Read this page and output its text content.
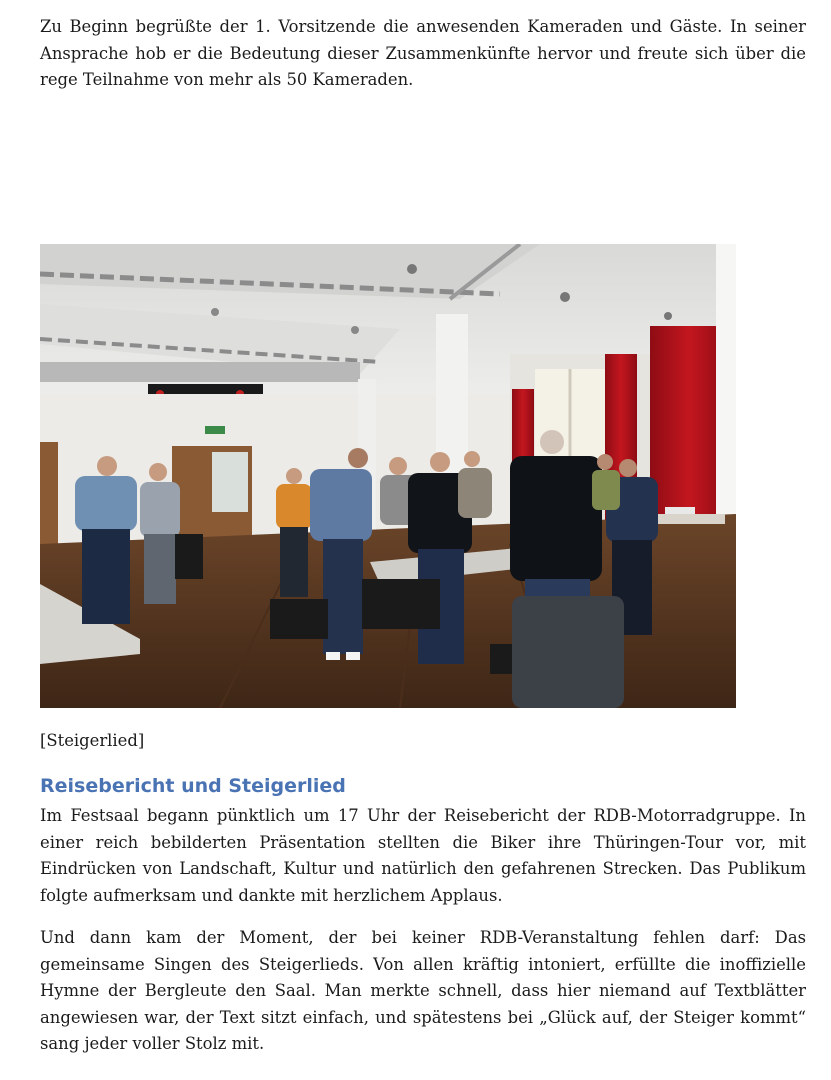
Zu Beginn begrüßte der 1. Vorsitzende die anwesenden Kameraden und Gäste. In seiner Ansprache hob er die Bedeutung dieser Zusammenkünfte hervor und freute sich über die rege Teilnahme von mehr als 50 Kameraden.

[Steigerlied]

Reisebericht und Steigerlied

Im Festsaal begann pünktlich um 17 Uhr der Reisebericht der RDB-Motorradgruppe. In einer reich bebilderten Präsentation stellten die Biker ihre Thüringen-Tour vor, mit Eindrücken von Landschaft, Kultur und natürlich den gefahrenen Strecken. Das Publikum folgte aufmerksam und dankte mit herzlichem Applaus.

Und dann kam der Moment, der bei keiner RDB-Veranstaltung fehlen darf: Das gemeinsame Singen des Steigerlieds. Von allen kräftig intoniert, erfüllte die inoffizielle Hymne der Bergleute den Saal. Man merkte schnell, dass hier niemand auf Textblätter angewiesen war, der Text sitzt einfach, und spätestens bei „Glück auf, der Steiger kommt“ sang jeder voller Stolz mit.
